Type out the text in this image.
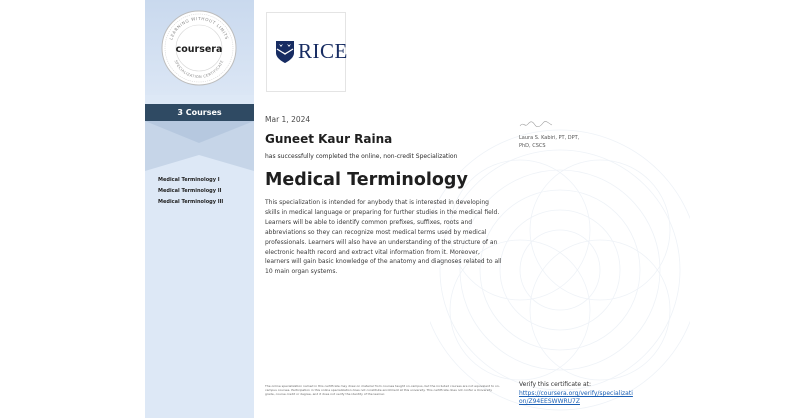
LEARNING WITHOUT LIMITS
SPECIALIZATION CERTIFICATE
coursera
3 Courses
Medical Terminology I
Medical Terminology II
Medical Terminology III
RICE
Mar 1, 2024
Guneet Kaur Raina
has successfully completed the online, non-credit Specialization
Medical Terminology
This specialization is intended for anybody that is interested in developing skills in medical language or preparing for further studies in the medical field. Learners will be able to identify common prefixes, suffixes, roots and abbreviations so they can recognize most medical terms used by medical professionals. Learners will also have an understanding of the structure of an electronic health record and extract vital information from it. Moreover, learners will gain basic knowledge of the anatomy and diagnoses related to all 10 main organ systems.
Laura S. Kabiri, PT, DPT,
PhD, CSCS
The online specialization named in this certificate may draw on material from courses taught on-campus, but the included courses are not equivalent to on-campus courses. Participation in this online specialization does not constitute enrollment at this university. This certificate does not confer a University grade, course credit or degree, and it does not verify the identity of the learner.
Verify this certificate at:
https://coursera.org/verify/specialization/Z94EESWWRU7Z
